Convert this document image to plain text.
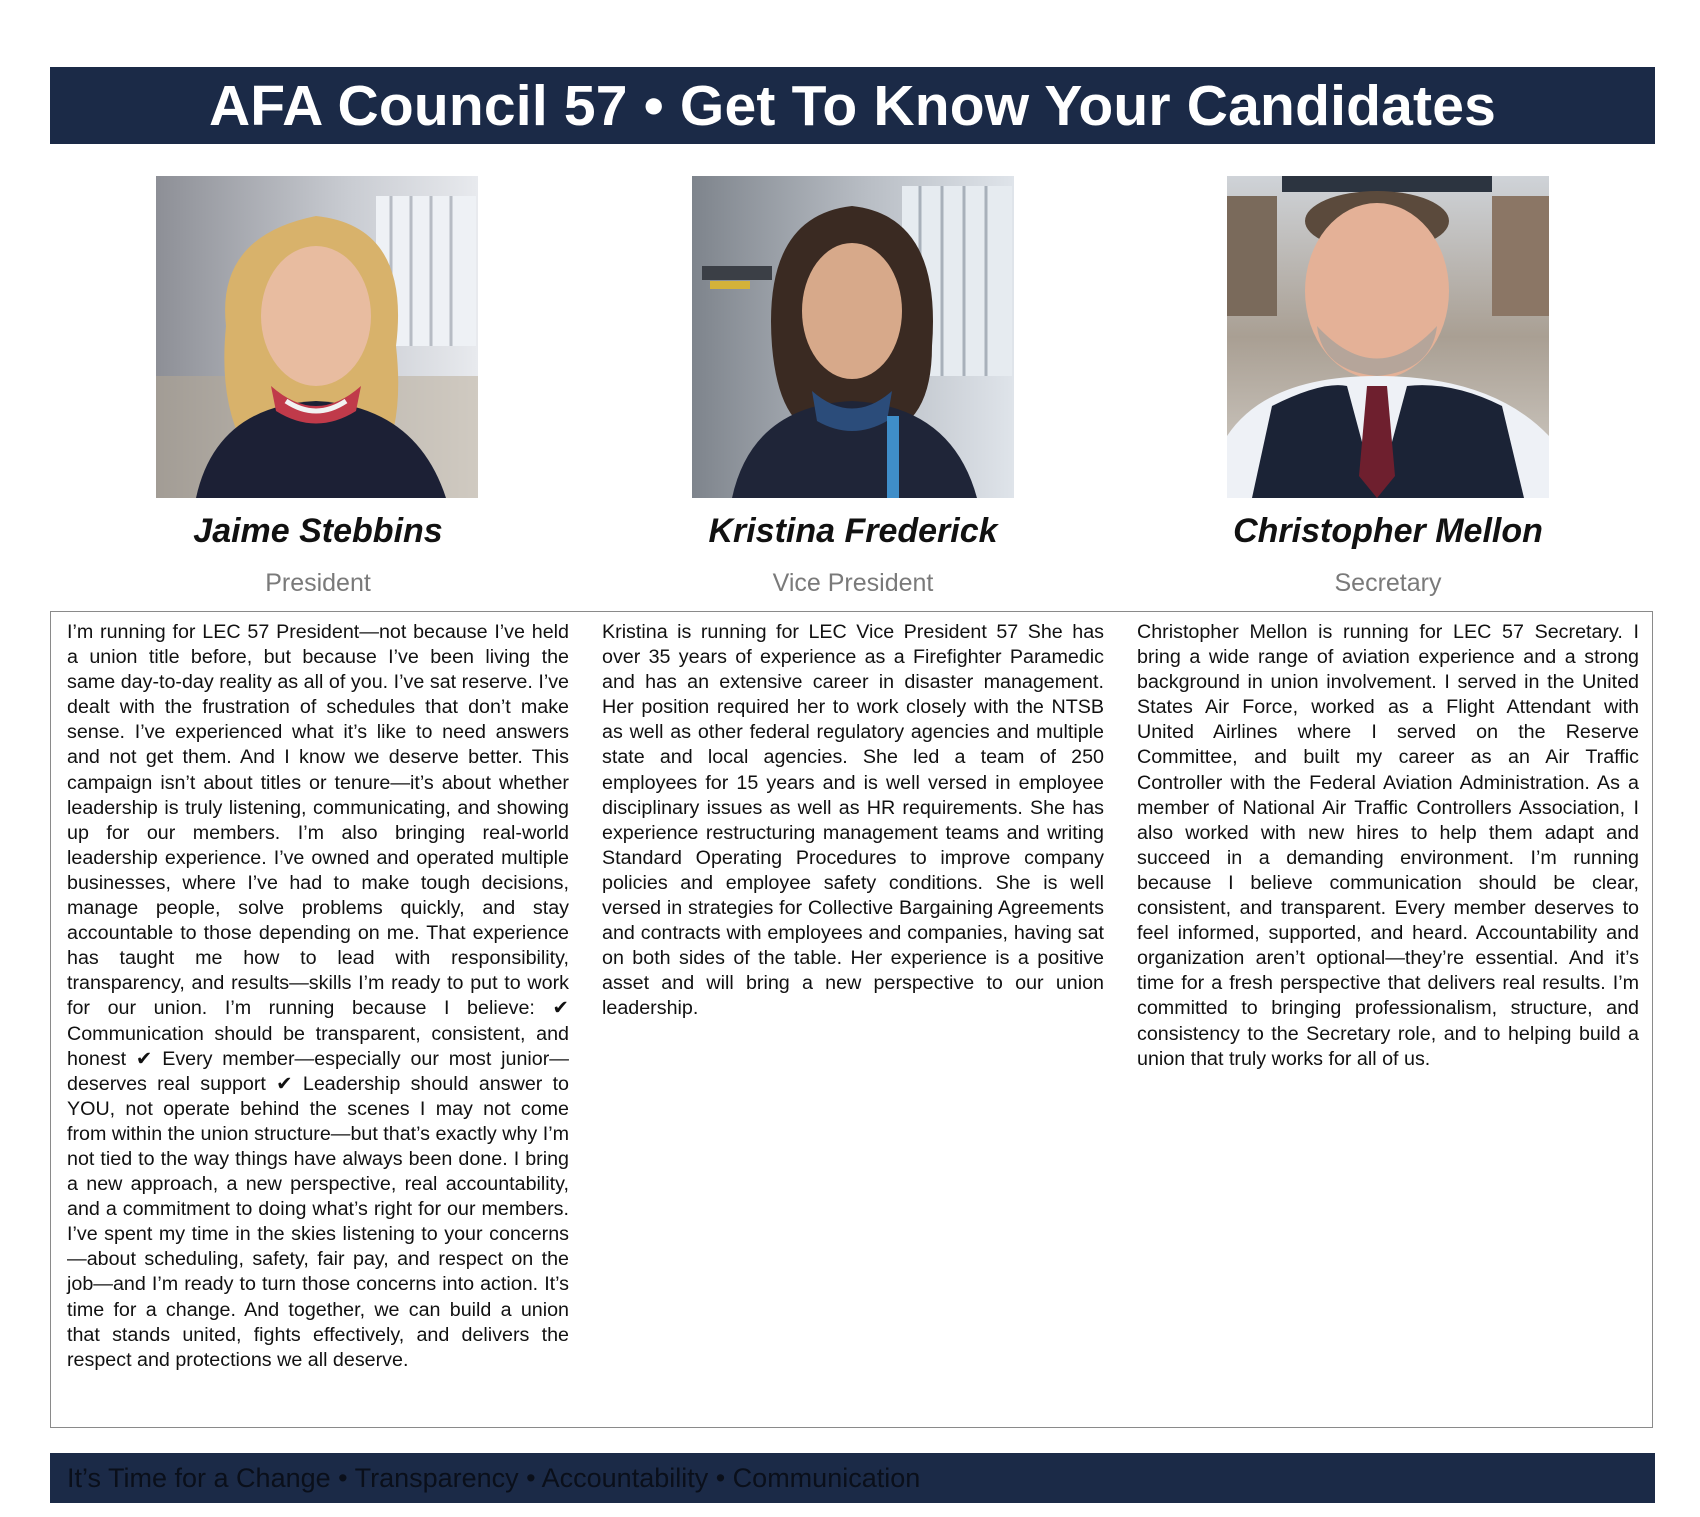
AFA Council 57 • Get To Know Your Candidates
Jaime Stebbins	Kristina Frederick	Christopher Mellon

President	Vice President	Secretary

I’m running for LEC 57 President—not because I’ve held a union title before, but because I’ve been living the same day-to-day reality as all of you. I’ve sat reserve. I’ve dealt with the frustration of schedules that don’t make sense. I’ve experienced what it’s like to need answers and not get them. And I know we deserve better. This campaign isn’t about titles or tenure—it’s about whether leadership is truly listening, communicating, and showing up for our members. I’m also bringing real-world leadership experience. I’ve owned and operated multiple businesses, where I’ve had to make tough decisions, manage people, solve problems quickly, and stay accountable to those depending on me. That experience has taught me how to lead with responsibility, transparency, and results—skills I’m ready to put to work for our union. I’m running because I believe: ✔ Communication should be transparent, consistent, and honest ✔ Every member—especially our most junior—deserves real support ✔ Leadership should answer to YOU, not operate behind the scenes I may not come from within the union structure—but that’s exactly why I’m not tied to the way things have always been done. I bring a new approach, a new perspective, real accountability, and a commitment to doing what’s right for our members. I’ve spent my time in the skies listening to your concerns—about scheduling, safety, fair pay, and respect on the job—and I’m ready to turn those concerns into action. It’s time for a change. And together, we can build a union that stands united, fights effectively, and delivers the respect and protections we all deserve.

Kristina is running for LEC Vice President 57 She has over 35 years of experience as a Firefighter Paramedic and has an extensive career in disaster management. Her position required her to work closely with the NTSB as well as other federal regulatory agencies and multiple state and local agencies. She led a team of 250 employees for 15 years and is well versed in employee disciplinary issues as well as HR requirements. She has experience restructuring management teams and writing Standard Operating Procedures to improve company policies and employee safety conditions. She is well versed in strategies for Collective Bargaining Agreements and contracts with employees and companies, having sat on both sides of the table. Her experience is a positive asset and will bring a new perspective to our union leadership.

Christopher Mellon is running for LEC 57 Secretary. I bring a wide range of aviation experience and a strong background in union involvement. I served in the United States Air Force, worked as a Flight Attendant with United Airlines where I served on the Reserve Committee, and built my career as an Air Traffic Controller with the Federal Aviation Administration. As a member of National Air Traffic Controllers Association, I also worked with new hires to help them adapt and succeed in a demanding environment. I’m running because I believe communication should be clear, consistent, and transparent. Every member deserves to feel informed, supported, and heard. Accountability and organization aren’t optional—they’re essential. And it’s time for a fresh perspective that delivers real results. I’m committed to bringing professionalism, structure, and consistency to the Secretary role, and to helping build a union that truly works for all of us.

It’s Time for a Change • Transparency • Accountability • Communication
